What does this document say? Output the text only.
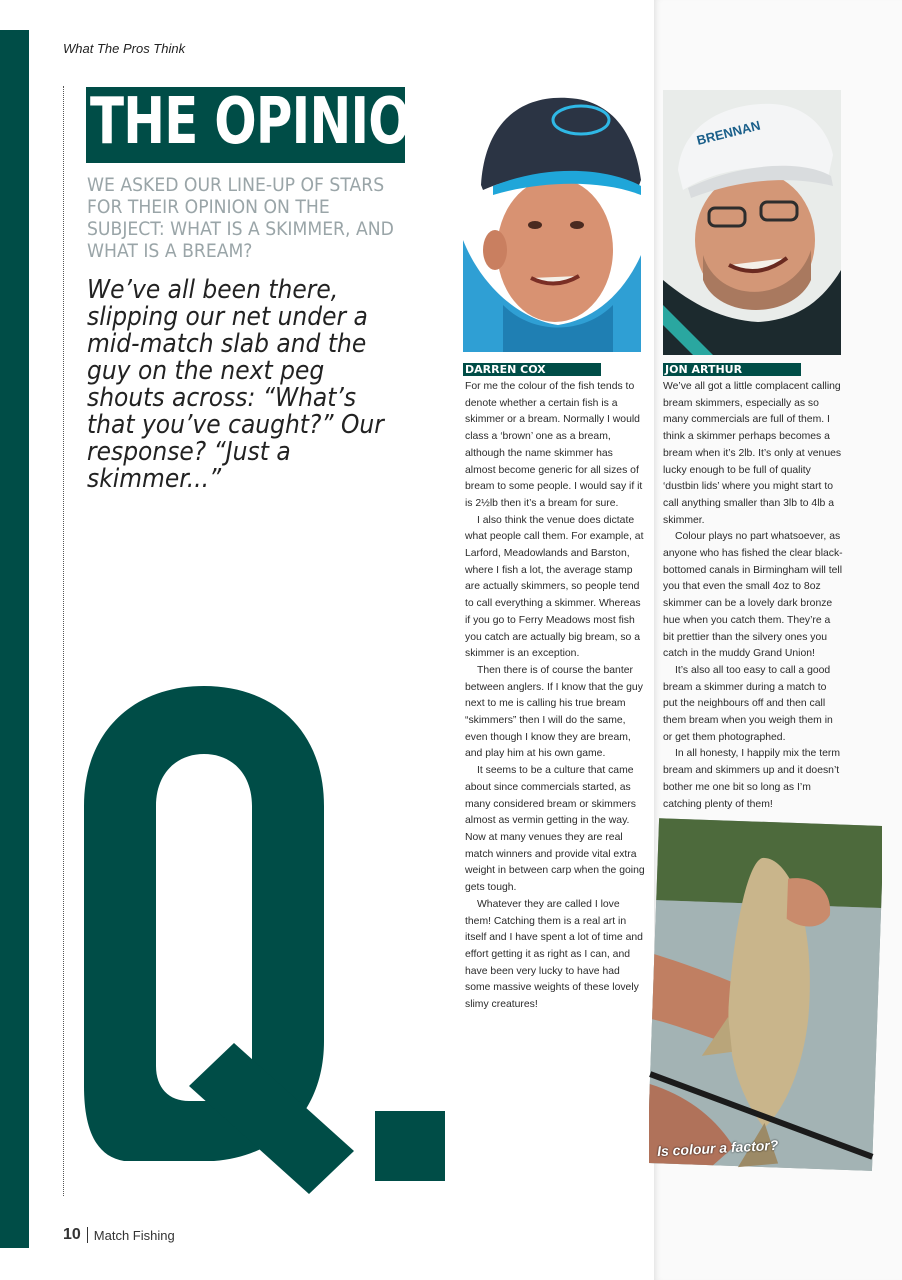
What The Pros Think
THE OPINION
WE ASKED OUR LINE-UP OF STARS FOR THEIR OPINION ON THE SUBJECT: WHAT IS A SKIMMER, AND WHAT IS A BREAM?
We’ve all been there, slipping our net under a mid-match slab and the guy on the next peg shouts across: “What’s that you’ve caught?” Our response? “Just a skimmer...”
BRENNAN
DARREN COX	JON ARTHUR

For me the colour of the fish tends to denote whether a certain fish is a skimmer or a bream. Normally I would class a ‘brown’ one as a bream, although the name skimmer has almost become generic for all sizes of bream to some people. I would say if it is 2½lb then it’s a bream for sure.

I also think the venue does dictate what people call them. For example, at Larford, Meadowlands and Barston, where I fish a lot, the average stamp are actually skimmers, so people tend to call everything a skimmer. Whereas if you go to Ferry Meadows most fish you catch are actually big bream, so a skimmer is an exception.

Then there is of course the banter between anglers. If I know that the guy next to me is calling his true bream “skimmers” then I will do the same, even though I know they are bream, and play him at his own game.

It seems to be a culture that came about since commercials started, as many considered bream or skimmers almost as vermin getting in the way. Now at many venues they are real match winners and provide vital extra weight in between carp when the going gets tough.

Whatever they are called I love them! Catching them is a real art in itself and I have spent a lot of time and effort getting it as right as I can, and have been very lucky to have had some massive weights of these lovely slimy creatures!

We’ve all got a little complacent calling bream skimmers, especially as so many commercials are full of them. I think a skimmer perhaps becomes a bream when it’s 2lb. It’s only at venues lucky enough to be full of quality ‘dustbin lids’ where you might start to call anything smaller than 3lb to 4lb a skimmer.

Colour plays no part whatsoever, as anyone who has fished the clear black-bottomed canals in Birmingham will tell you that even the small 4oz to 8oz skimmer can be a lovely dark bronze hue when you catch them. They’re a bit prettier than the silvery ones you catch in the muddy Grand Union!

It’s also all too easy to call a good bream a skimmer during a match to put the neighbours off and then call them bream when you weigh them in or get them photographed.

In all honesty, I happily mix the term bream and skimmers up and it doesn’t bother me one bit so long as I’m catching plenty of them!

Is colour a factor?
10 Match Fishing
